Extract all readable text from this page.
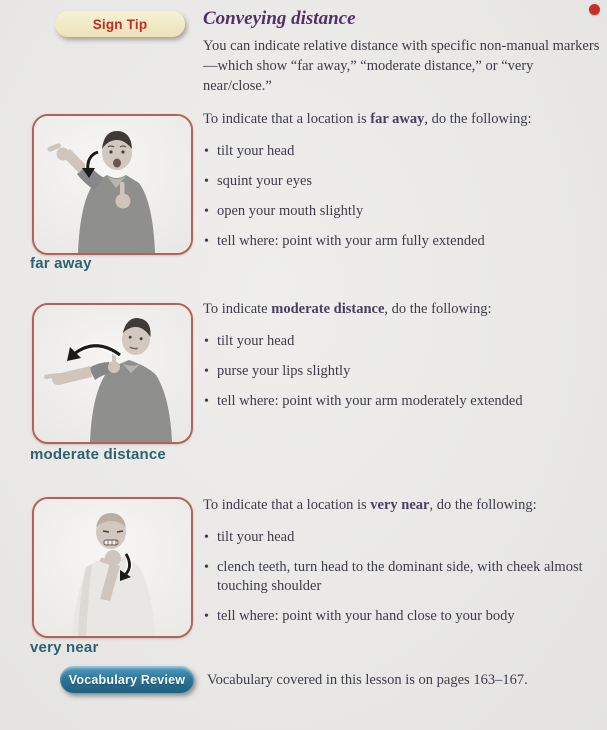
Sign Tip	Conveying distance
You can indicate relative distance with specific non-manual markers—which show “far away,” “moderate distance,” or “very near/close.”
far away

To indicate that a location is far away, do the following:

• tilt your head
• squint your eyes
• open your mouth slightly
• tell where: point with your arm fully extended
moderate distance

To indicate moderate distance, do the following:

• tilt your head
• purse your lips slightly
• tell where: point with your arm moderately extended
very near

To indicate that a location is very near, do the following:

• tilt your head
• clench teeth, turn head to the dominant side, with cheek almost touching shoulder
• tell where: point with your hand close to your body
Vocabulary Review Vocabulary covered in this lesson is on pages 163–167.
